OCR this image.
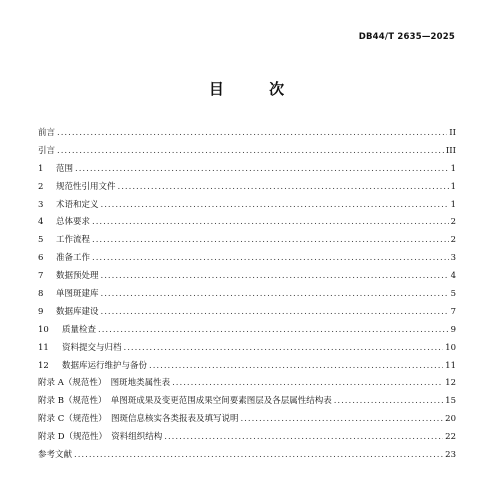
DB44/T 2635—2025
目 次
前言 .....	II
引言 .....	III
1	范围 .....	1
2	规范性引用文件 .....	1
3	术语和定义 .....	1
4	总体要求 .....	2
5	工作流程 .....	2
6	准备工作 .....	3
7	数据预处理 .....	4
8	单图斑建库 .....	5
9	数据库建设 .....	7
10	质量检查 .....	9
11	资料提交与归档 .....	10
12	数据库运行维护与备份 .....	11
附录 A（规范性）　图斑地类属性表 .....	12
附录 B（规范性）　单图斑成果及变更范围成果空间要素图层及各层属性结构表 .....	15
附录 C（规范性）　图斑信息核实各类报表及填写说明 .....	20
附录 D（规范性）　资料组织结构 .....	22
参考文献 .....	23
